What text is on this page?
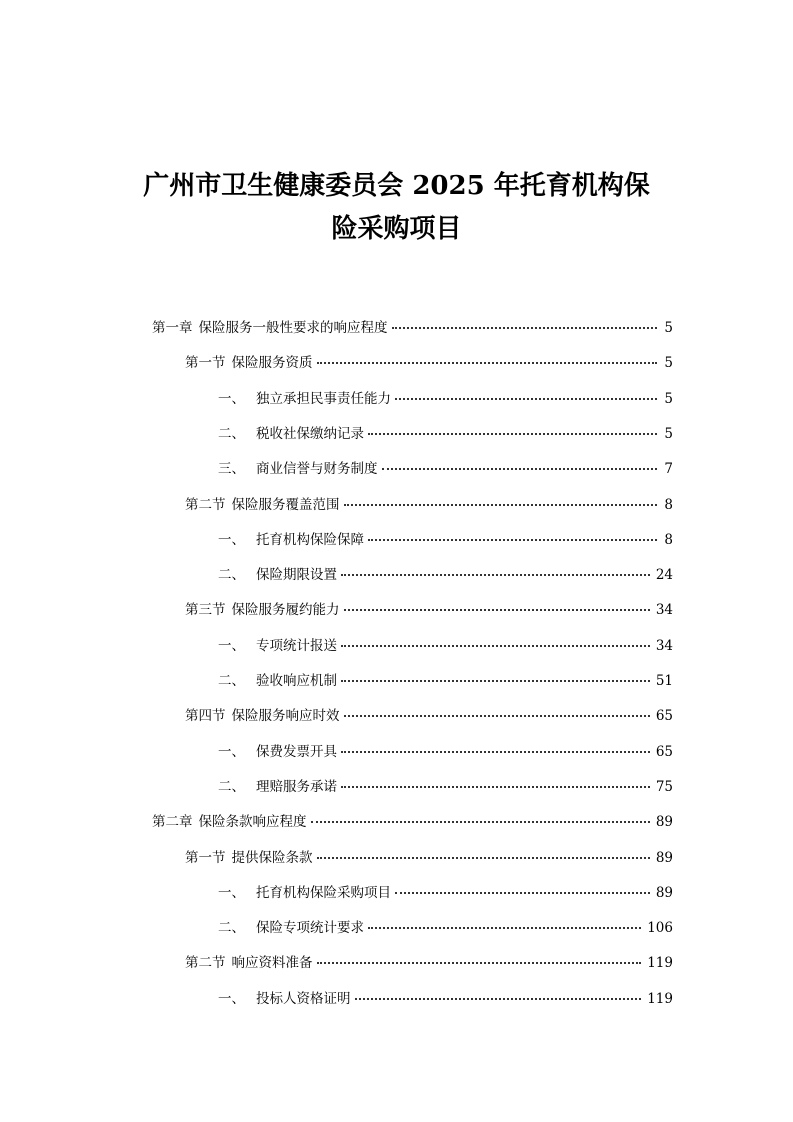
广州市卫生健康委员会 2025 年托育机构保
险采购项目
第一章 保险服务一般性要求的响应程度	5
第一节 保险服务资质	5
一、 独立承担民事责任能力	5
二、 税收社保缴纳记录	5
三、 商业信誉与财务制度	7
第二节 保险服务覆盖范围	8
一、 托育机构保险保障	8
二、 保险期限设置	24
第三节 保险服务履约能力	34
一、 专项统计报送	34
二、 验收响应机制	51
第四节 保险服务响应时效	65
一、 保费发票开具	65
二、 理赔服务承诺	75
第二章 保险条款响应程度	89
第一节 提供保险条款	89
一、 托育机构保险采购项目	89
二、 保险专项统计要求	106
第二节 响应资料准备	119
一、 投标人资格证明	119
